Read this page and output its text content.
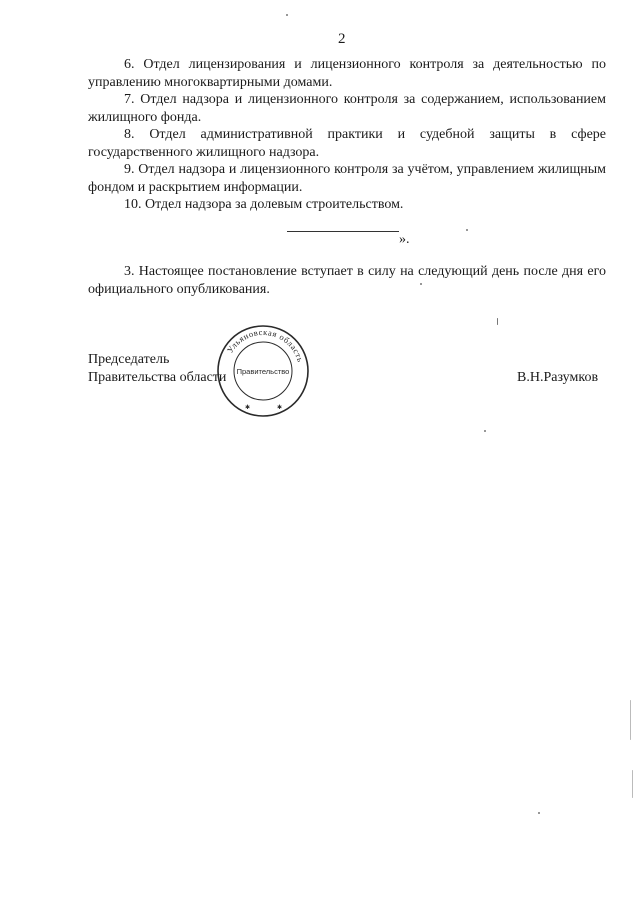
2

6. Отдел лицензирования и лицензионного контроля за деятельностью по управлению многоквартирными домами.

7. Отдел надзора и лицензионного контроля за содержанием, использованием жилищного фонда.

8. Отдел административной практики и судебной защиты в сфере государственного жилищного надзора.

9. Отдел надзора и лицензионного контроля за учётом, управлением жилищным фондом и раскрытием информации.

10. Отдел надзора за долевым строительством.

».

3. Настоящее постановление вступает в силу на следующий день после дня его официального опубликования.

Председатель
Правительства области	В.Н.Разумков
Ульяновская область
Правительство
✱	✱
